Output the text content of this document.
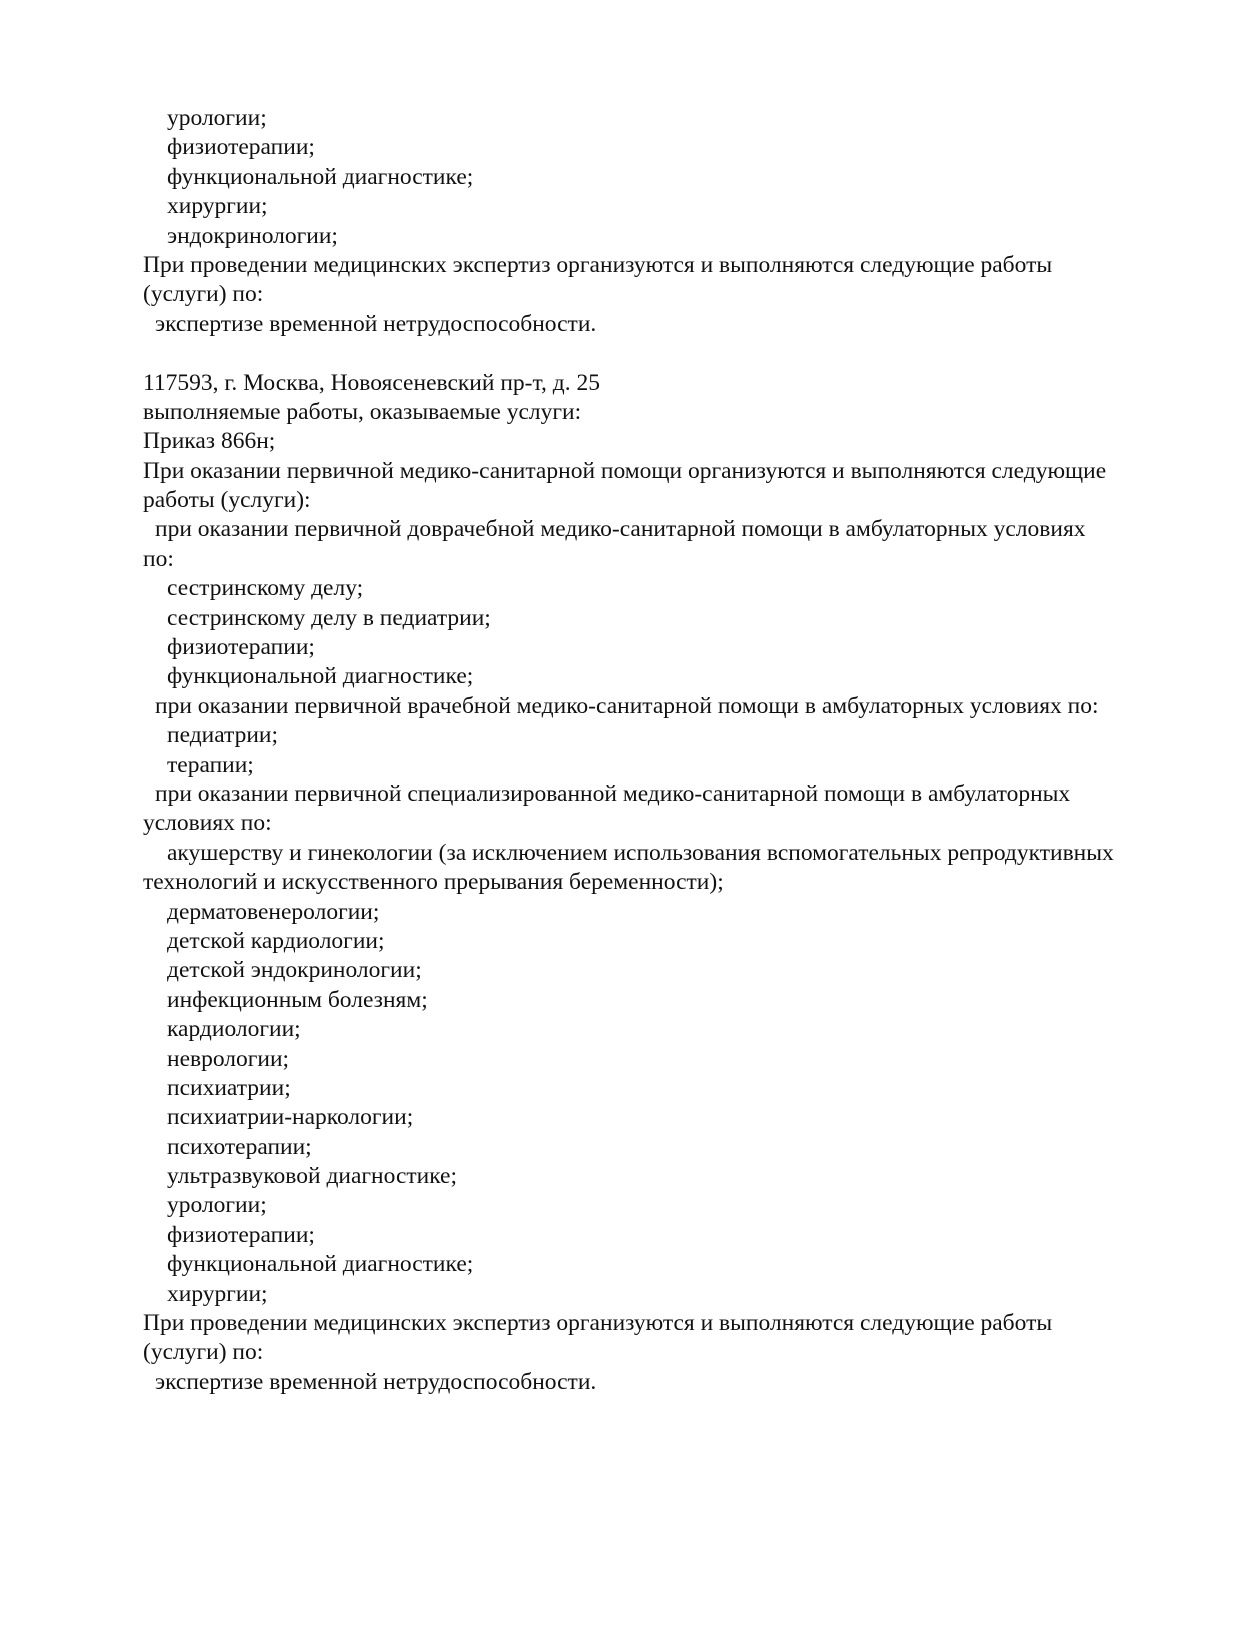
урологии;
физиотерапии;
функциональной диагностике;
хирургии;
эндокринологии;
При проведении медицинских экспертиз организуются и выполняются следующие работы
(услуги) по:
экспертизе временной нетрудоспособности.
117593, г. Москва, Новоясеневский пр-т, д. 25
выполняемые работы, оказываемые услуги:
Приказ 866н;
При оказании первичной медико-санитарной помощи организуются и выполняются следующие
работы (услуги):
при оказании первичной доврачебной медико-санитарной помощи в амбулаторных условиях
по:
сестринскому делу;
сестринскому делу в педиатрии;
физиотерапии;
функциональной диагностике;
при оказании первичной врачебной медико-санитарной помощи в амбулаторных условиях по:
педиатрии;
терапии;
при оказании первичной специализированной медико-санитарной помощи в амбулаторных
условиях по:
акушерству и гинекологии (за исключением использования вспомогательных репродуктивных
технологий и искусственного прерывания беременности);
дерматовенерологии;
детской кардиологии;
детской эндокринологии;
инфекционным болезням;
кардиологии;
неврологии;
психиатрии;
психиатрии-наркологии;
психотерапии;
ультразвуковой диагностике;
урологии;
физиотерапии;
функциональной диагностике;
хирургии;
При проведении медицинских экспертиз организуются и выполняются следующие работы
(услуги) по:
экспертизе временной нетрудоспособности.
